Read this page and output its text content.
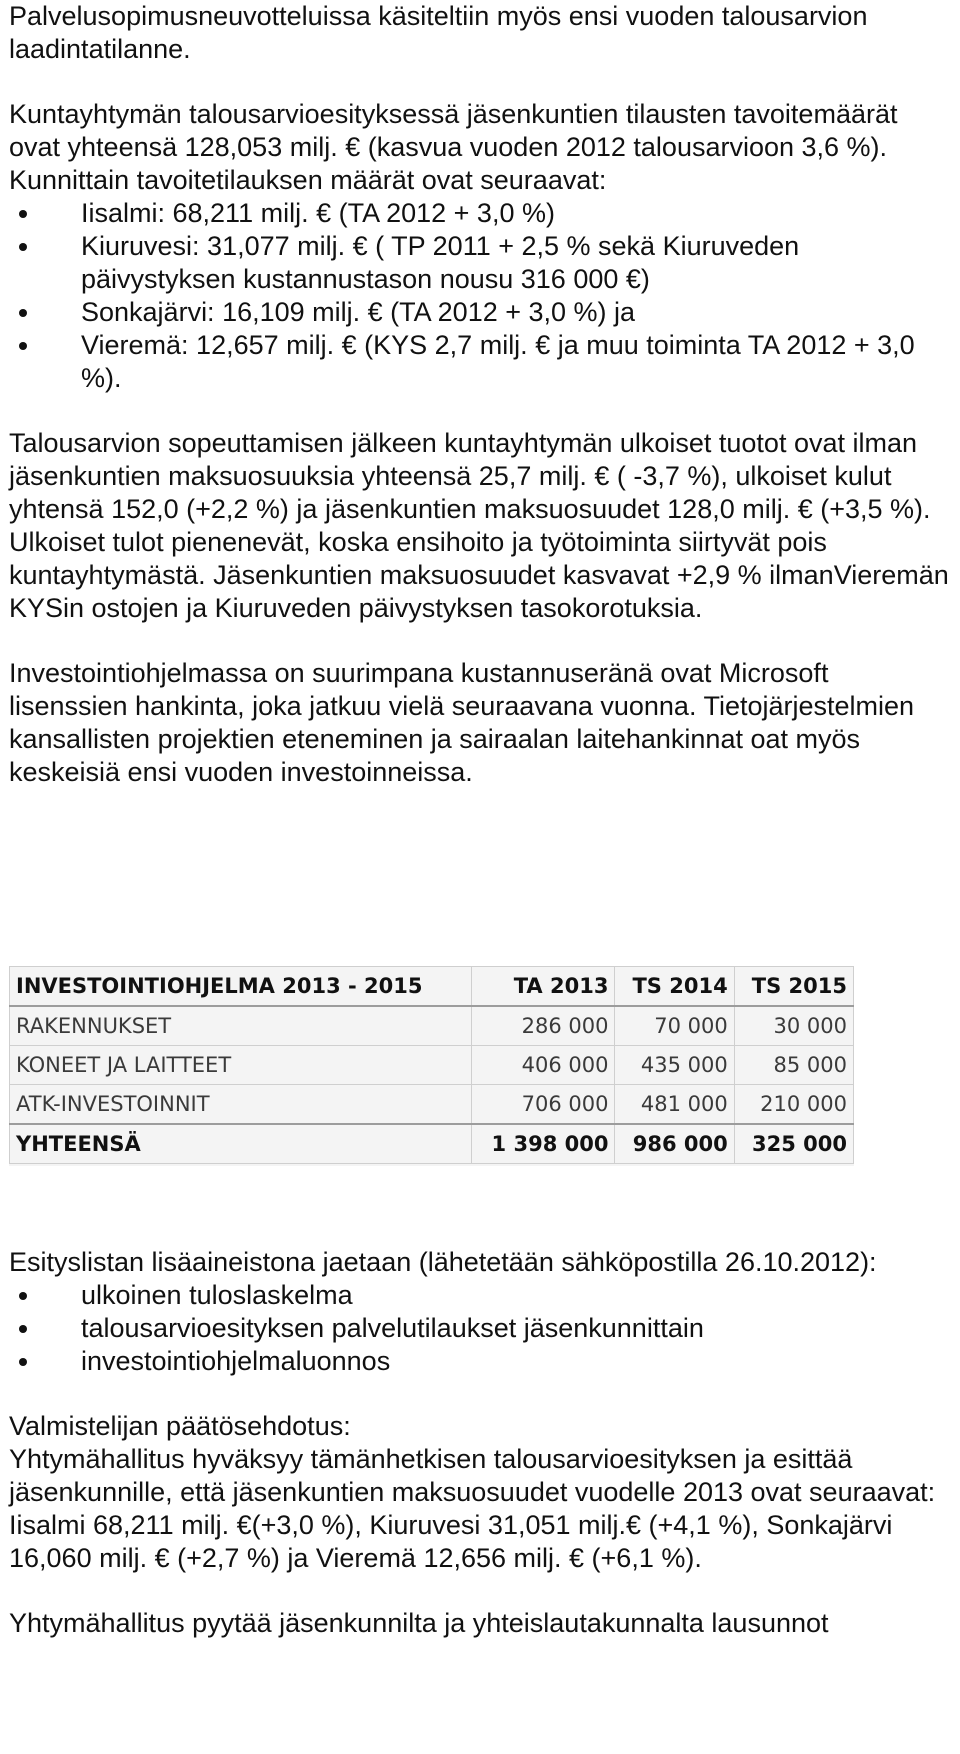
Palvelusopimusneuvotteluissa käsiteltiin myös ensi vuoden talousarvion laadintatilanne.

Kuntayhtymän talousarvioesityksessä jäsenkuntien tilausten tavoitemäärät ovat yhteensä 128,053 milj. € (kasvua vuoden 2012 talousarvioon 3,6 %). Kunnittain tavoitetilauksen määrät ovat seuraavat:

Iisalmi: 68,211 milj. € (TA 2012 + 3,0 %)
Kiuruvesi: 31,077 milj. € ( TP 2011 + 2,5 % sekä Kiuruveden päivystyksen kustannustason nousu 316 000 €)
Sonkajärvi: 16,109 milj. € (TA 2012 + 3,0 %) ja
Vieremä: 12,657 milj. € (KYS 2,7 milj. € ja muu toiminta TA 2012 + 3,0 %).

Talousarvion sopeuttamisen jälkeen kuntayhtymän ulkoiset tuotot ovat ilman jäsenkuntien maksuosuuksia yhteensä 25,7 milj. € ( -3,7 %), ulkoiset kulut yhtensä 152,0 (+2,2 %) ja jäsenkuntien maksuosuudet 128,0 milj. € (+3,5 %). Ulkoiset tulot pienenevät, koska ensihoito ja työtoiminta siirtyvät pois kuntayhtymästä. Jäsenkuntien maksuosuudet kasvavat +2,9 % ilmanVieremän KYSin ostojen ja Kiuruveden päivystyksen tasokorotuksia.

Investointiohjelmassa on suurimpana kustannuseränä ovat Microsoft lisenssien hankinta, joka jatkuu vielä seuraavana vuonna. Tietojärjestelmien kansallisten projektien eteneminen ja sairaalan laitehankinnat oat myös keskeisiä ensi vuoden investoinneissa.

INVESTOINTIOHJELMA 2013 - 2015	TA 2013	TS 2014	TS 2015
RAKENNUKSET	286 000	70 000	30 000
KONEET JA LAITTEET	406 000	435 000	85 000
ATK-INVESTOINNIT	706 000	481 000	210 000
YHTEENSÄ	1 398 000	986 000	325 000

Esityslistan lisäaineistona jaetaan (lähetetään sähköpostilla 26.10.2012):

ulkoinen tuloslaskelma
talousarvioesityksen palvelutilaukset jäsenkunnittain
investointiohjelmaluonnos

Valmistelijan päätösehdotus:

Yhtymähallitus hyväksyy tämänhetkisen talousarvioesityksen ja esittää jäsenkunnille, että jäsenkuntien maksuosuudet vuodelle 2013 ovat seuraavat: Iisalmi 68,211 milj. €(+3,0 %), Kiuruvesi 31,051 milj.€ (+4,1 %), Sonkajärvi 16,060 milj. € (+2,7 %) ja Vieremä 12,656 milj. € (+6,1 %).

Yhtymähallitus pyytää jäsenkunnilta ja yhteislautakunnalta lausunnot
